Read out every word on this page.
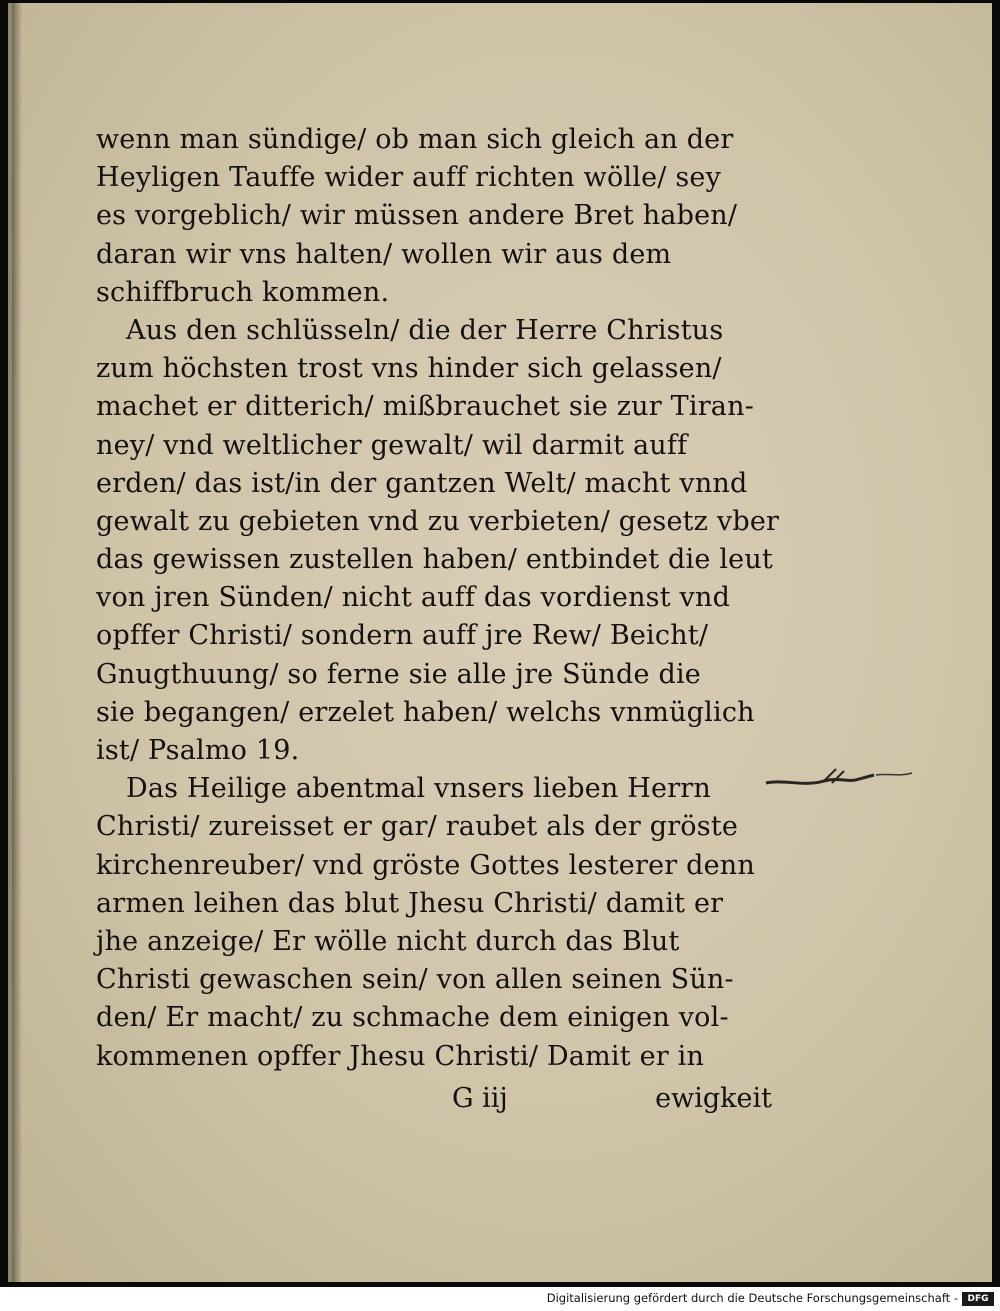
wenn man sündige/ ob man sich gleich an der
Heyligen Tauffe wider auff richten wölle/ sey
es vorgeblich/ wir müssen andere Bret haben/
daran wir vns halten/ wollen wir aus dem
schiffbruch kommen.
Aus den schlüsseln/ die der Herre Christus
zum höchsten trost vns hinder sich gelassen/
machet er ditterich/ mißbrauchet sie zur Tiran-
ney/ vnd weltlicher gewalt/ wil darmit auff
erden/ das ist/in der gantzen Welt/ macht vnnd
gewalt zu gebieten vnd zu verbieten/ gesetz vber
das gewissen zustellen haben/ entbindet die leut
von jren Sünden/ nicht auff das vordienst vnd
opffer Christi/ sondern auff jre Rew/ Beicht/
Gnugthuung/ so ferne sie alle jre Sünde die
sie begangen/ erzelet haben/ welchs vnmüglich
ist/ Psalmo 19.
Das Heilige abentmal vnsers lieben Herrn
Christi/ zureisset er gar/ raubet als der gröste
kirchenreuber/ vnd gröste Gottes lesterer denn
armen leihen das blut Jhesu Christi/ damit er
jhe anzeige/ Er wölle nicht durch das Blut
Christi gewaschen sein/ von allen seinen Sün-
den/ Er macht/ zu schmache dem einigen vol-
kommenen opffer Jhesu Christi/ Damit er in
G iij	ewigkeit
Digitalisierung gefördert durch die Deutsche Forschungsgemeinschaft -	DFG
